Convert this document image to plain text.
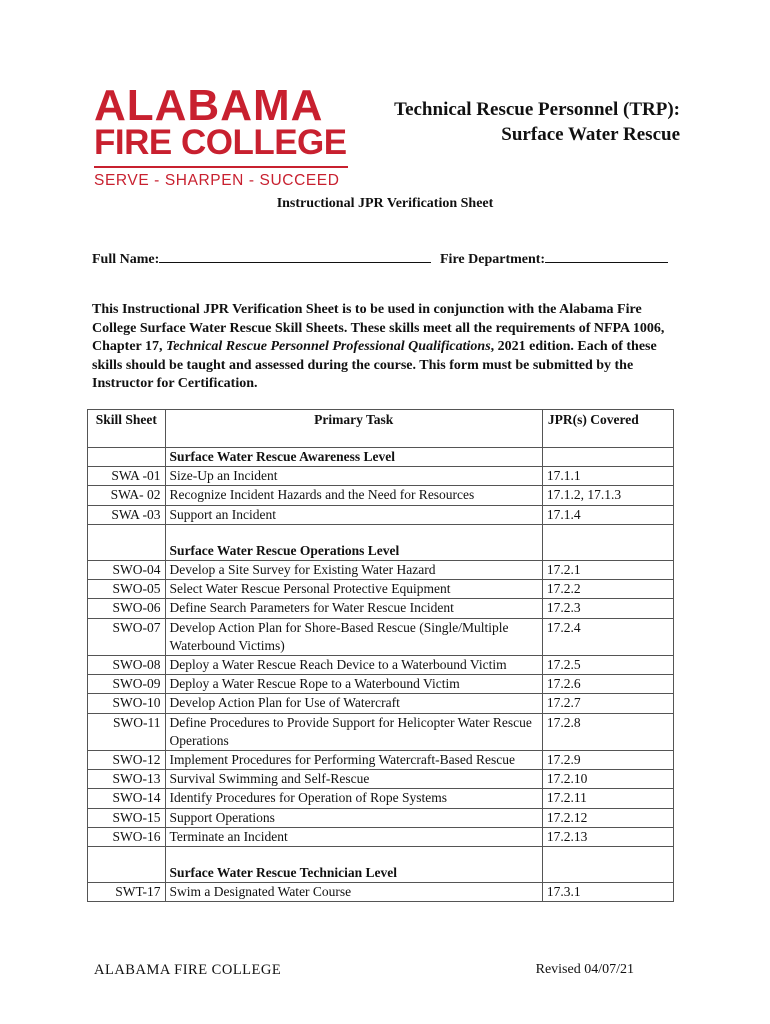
ALABAMA
FIRE COLLEGE
SERVE - SHARPEN - SUCCEED
Technical Rescue Personnel (TRP):
Surface Water Rescue
Instructional JPR Verification Sheet
Full Name:	Fire Department:
This Instructional JPR Verification Sheet is to be used in conjunction with the Alabama Fire College Surface Water Rescue Skill Sheets. These skills meet all the requirements of NFPA 1006, Chapter 17, Technical Rescue Personnel Professional Qualifications, 2021 edition. Each of these skills should be taught and assessed during the course. This form must be submitted by the Instructor for Certification.
Skill Sheet	Primary Task	JPR(s) Covered
	Surface Water Rescue Awareness Level	
SWA -01	Size-Up an Incident	17.1.1
SWA- 02	Recognize Incident Hazards and the Need for Resources	17.1.2, 17.1.3
SWA -03	Support an Incident	17.1.4

	Surface Water Rescue Operations Level	
SWO-04	Develop a Site Survey for Existing Water Hazard	17.2.1
SWO-05	Select Water Rescue Personal Protective Equipment	17.2.2
SWO-06	Define Search Parameters for Water Rescue Incident	17.2.3
SWO-07	Develop Action Plan for Shore-Based Rescue (Single/Multiple Waterbound Victims)	17.2.4
SWO-08	Deploy a Water Rescue Reach Device to a Waterbound Victim	17.2.5
SWO-09	Deploy a Water Rescue Rope to a Waterbound Victim	17.2.6
SWO-10	Develop Action Plan for Use of Watercraft	17.2.7
SWO-11	Define Procedures to Provide Support for Helicopter Water Rescue Operations	17.2.8
SWO-12	Implement Procedures for Performing Watercraft-Based Rescue	17.2.9
SWO-13	Survival Swimming and Self-Rescue	17.2.10
SWO-14	Identify Procedures for Operation of Rope Systems	17.2.11
SWO-15	Support Operations	17.2.12
SWO-16	Terminate an Incident	17.2.13

	Surface Water Rescue Technician Level	
SWT-17	Swim a Designated Water Course	17.3.1
ALABAMA FIRE COLLEGE	Revised 04/07/21
